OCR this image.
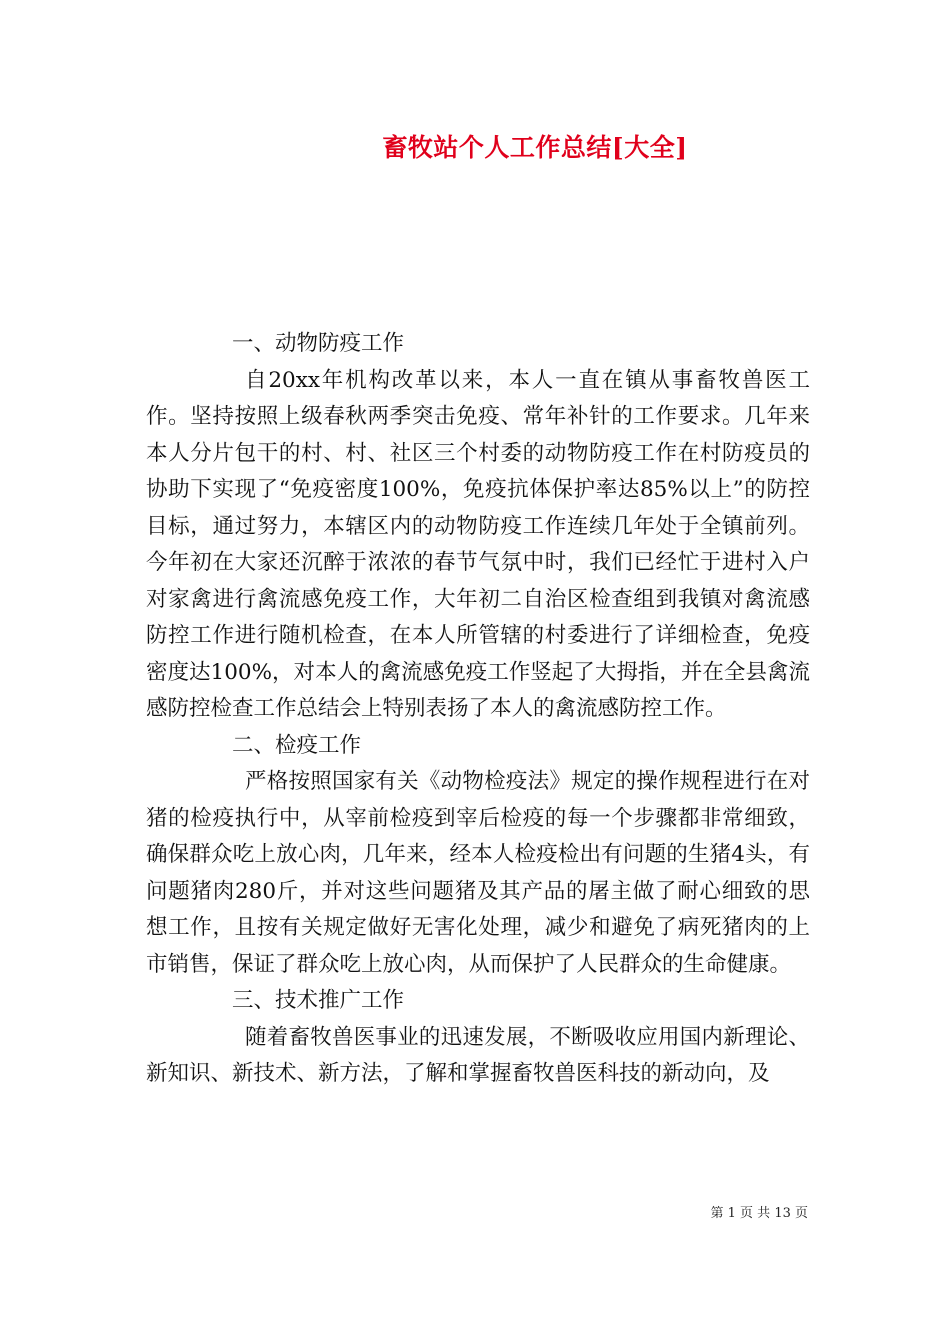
畜牧站个人工作总结[大全]

一、动物防疫工作

自20xx年机构改革以来，本人一直在镇从事畜牧兽医工作。坚持按照上级春秋两季突击免疫、常年补针的工作要求。几年来本人分片包干的村、村、社区三个村委的动物防疫工作在村防疫员的协助下实现了“免疫密度100%，免疫抗体保护率达85%以上”的防控目标，通过努力，本辖区内的动物防疫工作连续几年处于全镇前列。今年初在大家还沉醉于浓浓的春节气氛中时，我们已经忙于进村入户对家禽进行禽流感免疫工作，大年初二自治区检查组到我镇对禽流感防控工作进行随机检查，在本人所管辖的村委进行了详细检查，免疫密度达100%，对本人的禽流感免疫工作竖起了大拇指，并在全县禽流感防控检查工作总结会上特别表扬了本人的禽流感防控工作。

二、检疫工作

严格按照国家有关《动物检疫法》规定的操作规程进行在对猪的检疫执行中，从宰前检疫到宰后检疫的每一个步骤都非常细致，确保群众吃上放心肉，几年来，经本人检疫检出有问题的生猪4头，有问题猪肉280斤，并对这些问题猪及其产品的屠主做了耐心细致的思想工作，且按有关规定做好无害化处理，减少和避免了病死猪肉的上市销售，保证了群众吃上放心肉，从而保护了人民群众的生命健康。

三、技术推广工作

随着畜牧兽医事业的迅速发展，不断吸收应用国内新理论、新知识、新技术、新方法，了解和掌握畜牧兽医科技的新动向，及

第 1 页 共 13 页
